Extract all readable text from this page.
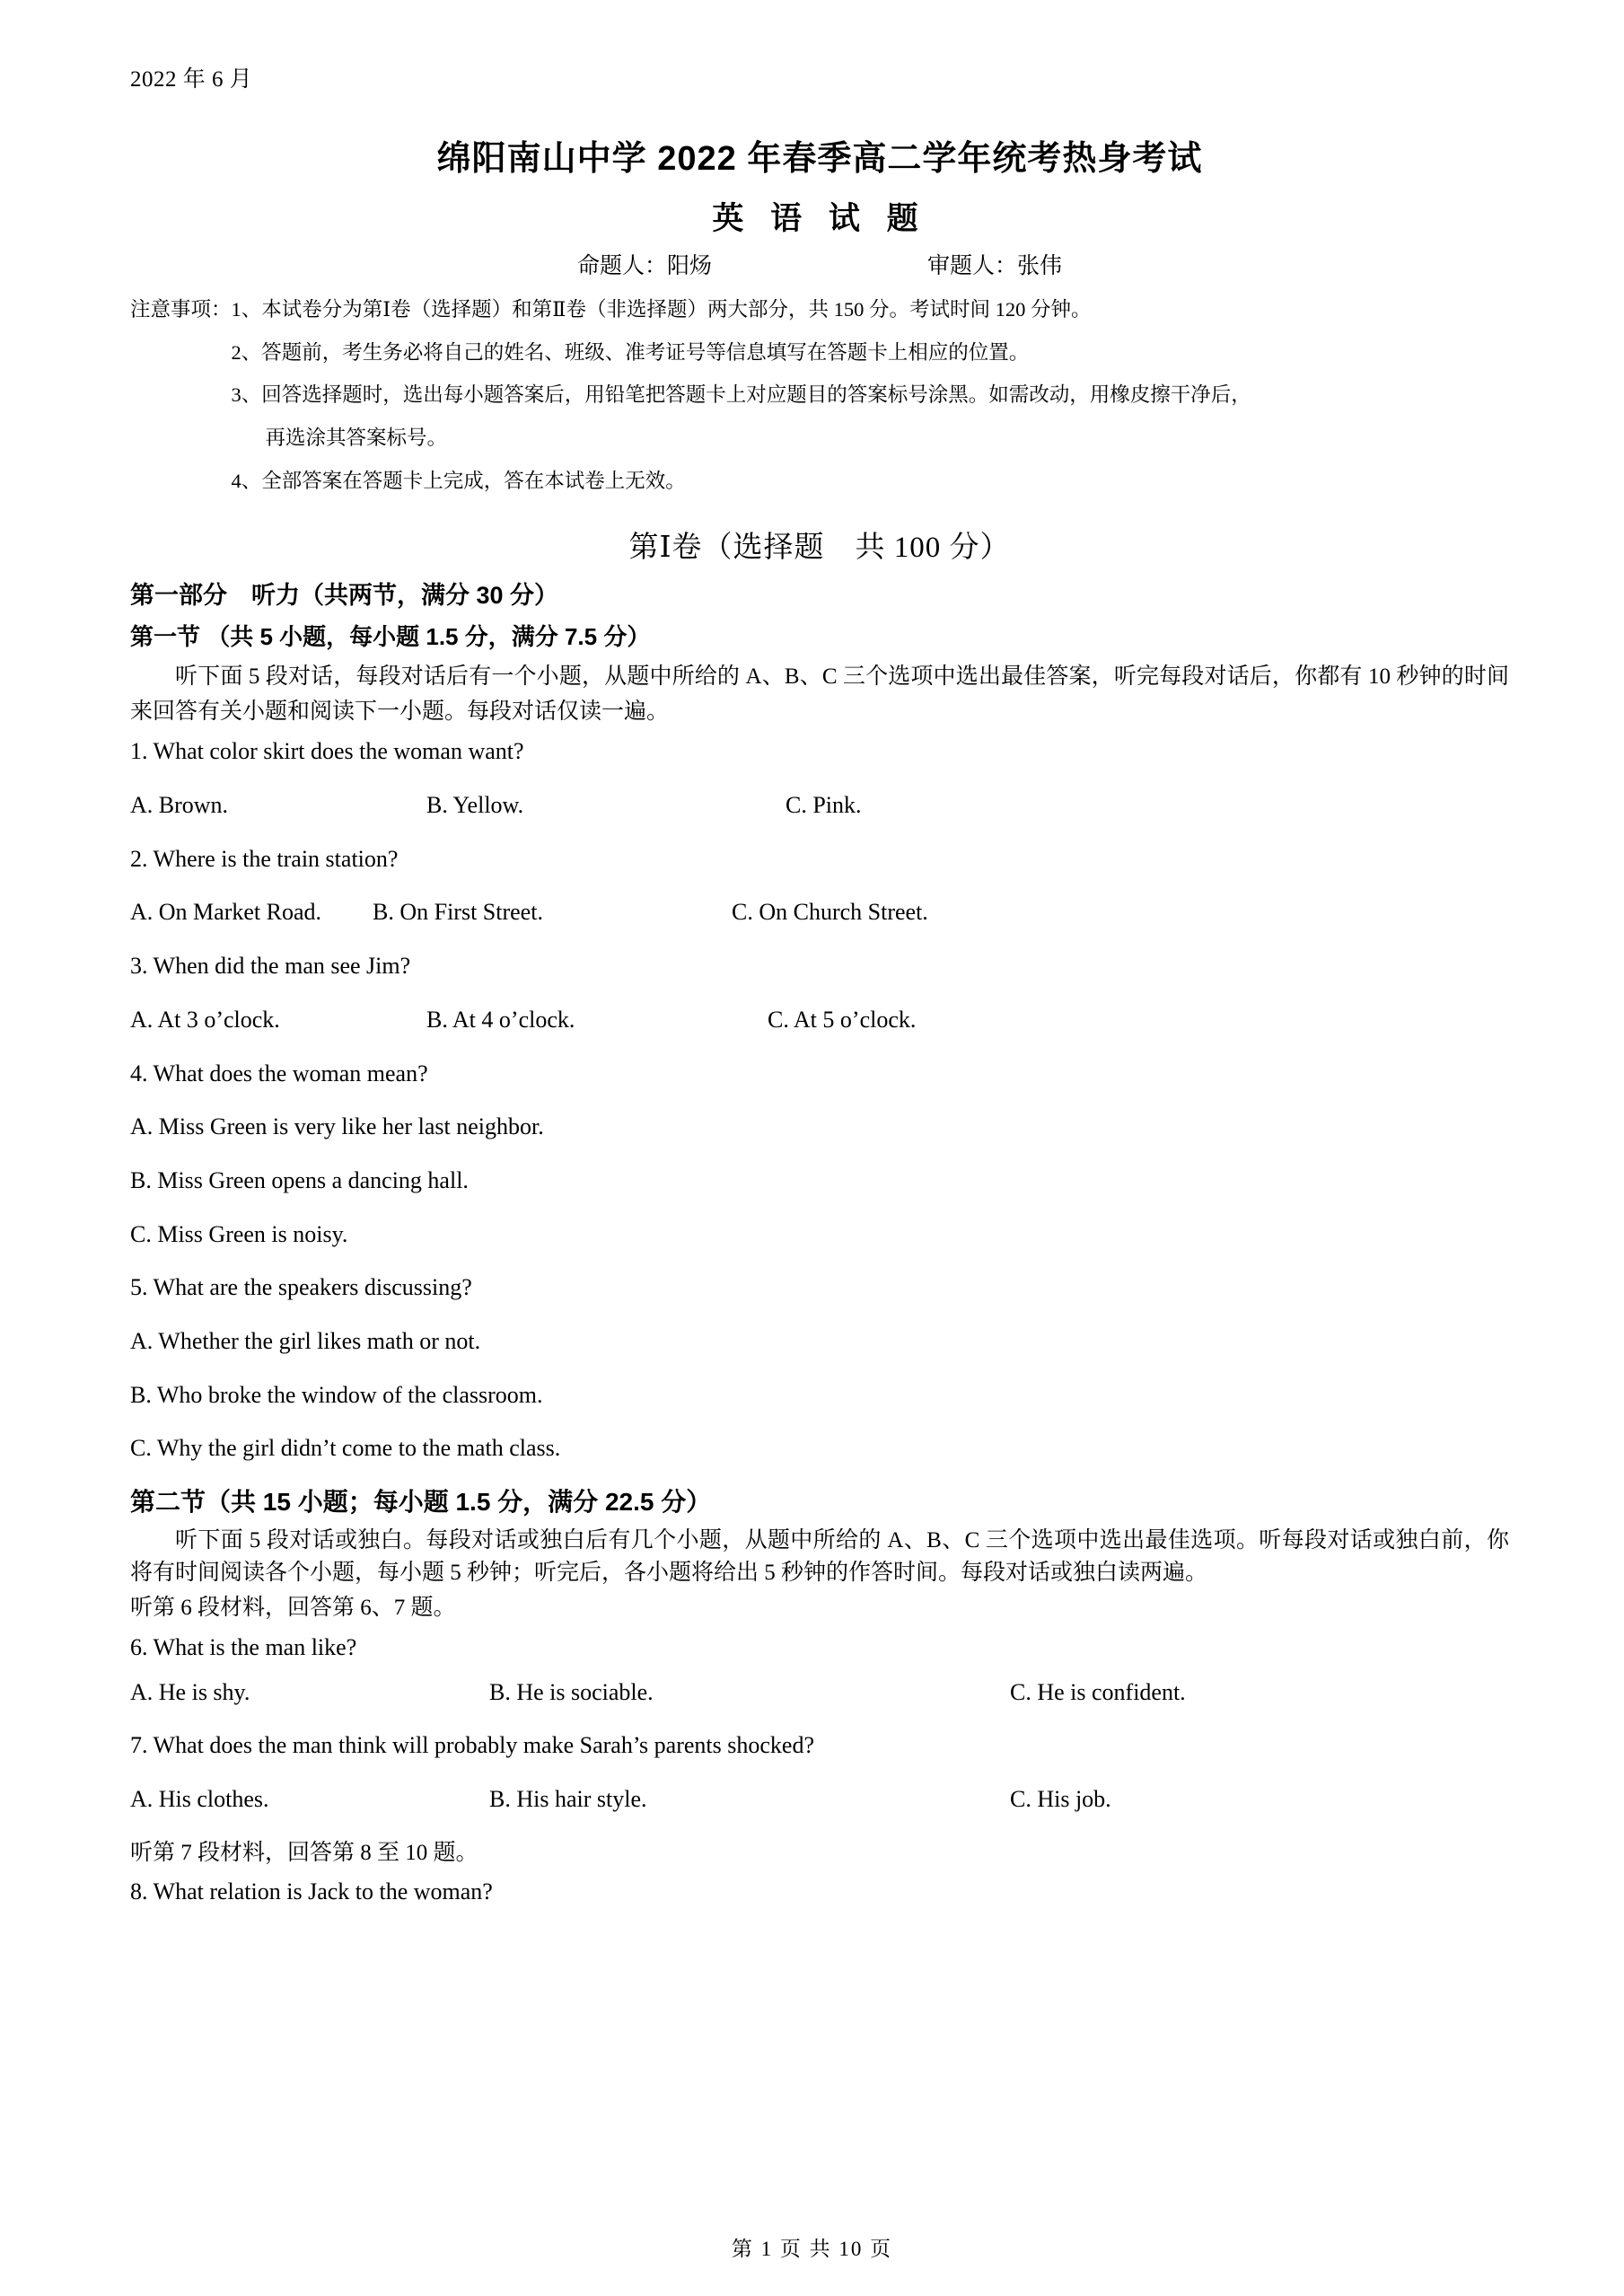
2022 年 6 月
绵阳南山中学 2022 年春季高二学年统考热身考试
英 语 试 题
命题人：阳炀	审题人：张伟
注意事项： 1、本试卷分为第Ⅰ卷（选择题）和第Ⅱ卷（非选择题）两大部分，共 150 分。考试时间 120 分钟。
2、答题前，考生务必将自己的姓名、班级、准考证号等信息填写在答题卡上相应的位置。
3、回答选择题时，选出每小题答案后，用铅笔把答题卡上对应题目的答案标号涂黑。如需改动，用橡皮擦干净后，
再选涂其答案标号。
4、全部答案在答题卡上完成，答在本试卷上无效。
第Ⅰ卷（选择题　共 100 分）
第一部分　听力（共两节，满分 30 分）
第一节 （共 5 小题，每小题 1.5 分，满分 7.5 分）

听下面 5 段对话，每段对话后有一个小题，从题中所给的 A、B、C 三个选项中选出最佳答案，听完每段对话后，你都有 10 秒钟的时间来回答有关小题和阅读下一小题。每段对话仅读一遍。

1. What color skirt does the woman want?
A. Brown.	B. Yellow.	C. Pink.
2. Where is the train station?
A. On Market Road.	B. On First Street.	C. On Church Street.
3. When did the man see Jim?
A. At 3 o’clock.	B. At 4 o’clock.	C. At 5 o’clock.
4. What does the woman mean?
A. Miss Green is very like her last neighbor.
B. Miss Green opens a dancing hall.
C. Miss Green is noisy.
5. What are the speakers discussing?
A. Whether the girl likes math or not.
B. Who broke the window of the classroom.
C. Why the girl didn’t come to the math class.
第二节（共 15 小题；每小题 1.5 分，满分 22.5 分）

听下面 5 段对话或独白。每段对话或独白后有几个小题，从题中所给的 A、B、C 三个选项中选出最佳选项。听每段对话或独白前，你将有时间阅读各个小题，每小题 5 秒钟；听完后，各小题将给出 5 秒钟的作答时间。每段对话或独白读两遍。

听第 6 段材料，回答第 6、7 题。
6. What is the man like?
A. He is shy.	B. He is sociable.	C. He is confident.
7. What does the man think will probably make Sarah’s parents shocked?
A. His clothes.	B. His hair style.	C. His job.
听第 7 段材料，回答第 8 至 10 题。
8. What relation is Jack to the woman?
第 1 页 共 10 页
